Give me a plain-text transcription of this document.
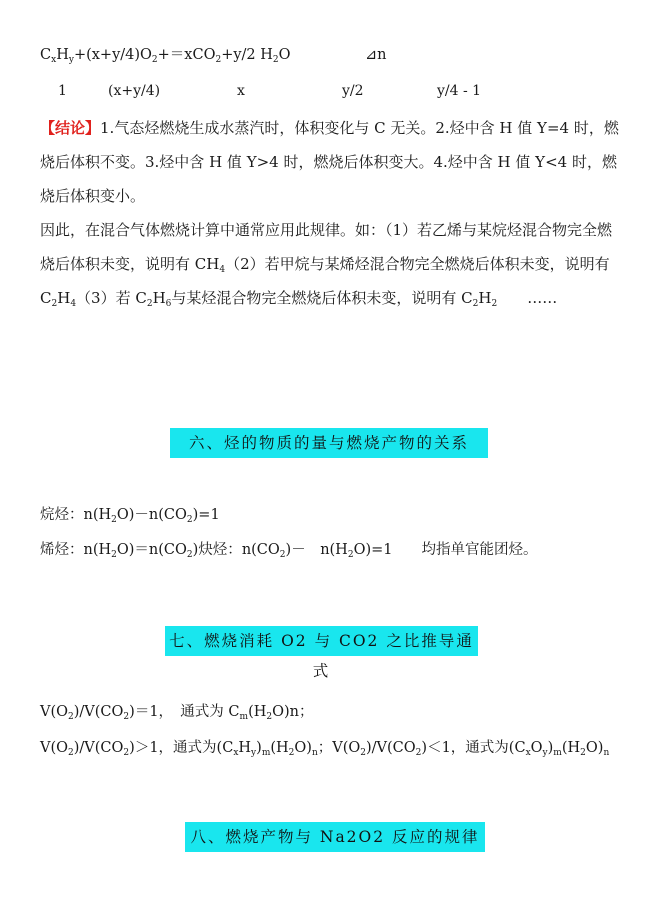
$C_xH_y+(x+y/4)O_2+=xCO_2+y/2$ $H_2O$	⊿n
1	(x+y/4)	x	y/2	y/4 - 1
【结论】1.气态烃燃烧生成水蒸汽时，体积变化与 C 无关。2.烃中含 H 值 Y=4 时，燃烧后体积不变。3.烃中含 H 值 Y>4 时，燃烧后体积变大。4.烃中含 H 值 Y<4 时，燃烧后体积变小。
因此，在混合气体燃烧计算中通常应用此规律。如：（1）若乙烯与某烷烃混合物完全燃烧后体积未变，说明有 $CH_4(2)$若甲烷与某烯烃混合物完全燃烧后体积未变，说明有 $C_2H_4(3)$若 $C_2H_6$与某烃混合物完全燃烧后体积未变，说明有 $C_2H_2$　　 ……
六、烃的物质的量与燃烧产物的关系
烷烃：$n(H_2O)-n(CO_2)=1$
烯烃：$n(H_2O)=n(CO_2)$炔烃：$n(CO_2)-$　$n(H_2O)=1$　　均指单官能团烃。
七、燃烧消耗 O2 与 CO2 之比推导通式
$V(O_2)/V(CO_2)=1$，　通式为 $C_m(H_2O)n$；
$V(O_2)/V(CO_2)>1$，通式为$(C_xH_y)_m(H_2O)_n$；$V(O_2)/V(CO_2)<1$，通式为$(C_xO_y)_m(H_2O)_n$
八、燃烧产物与 Na2O2 反应的规律
